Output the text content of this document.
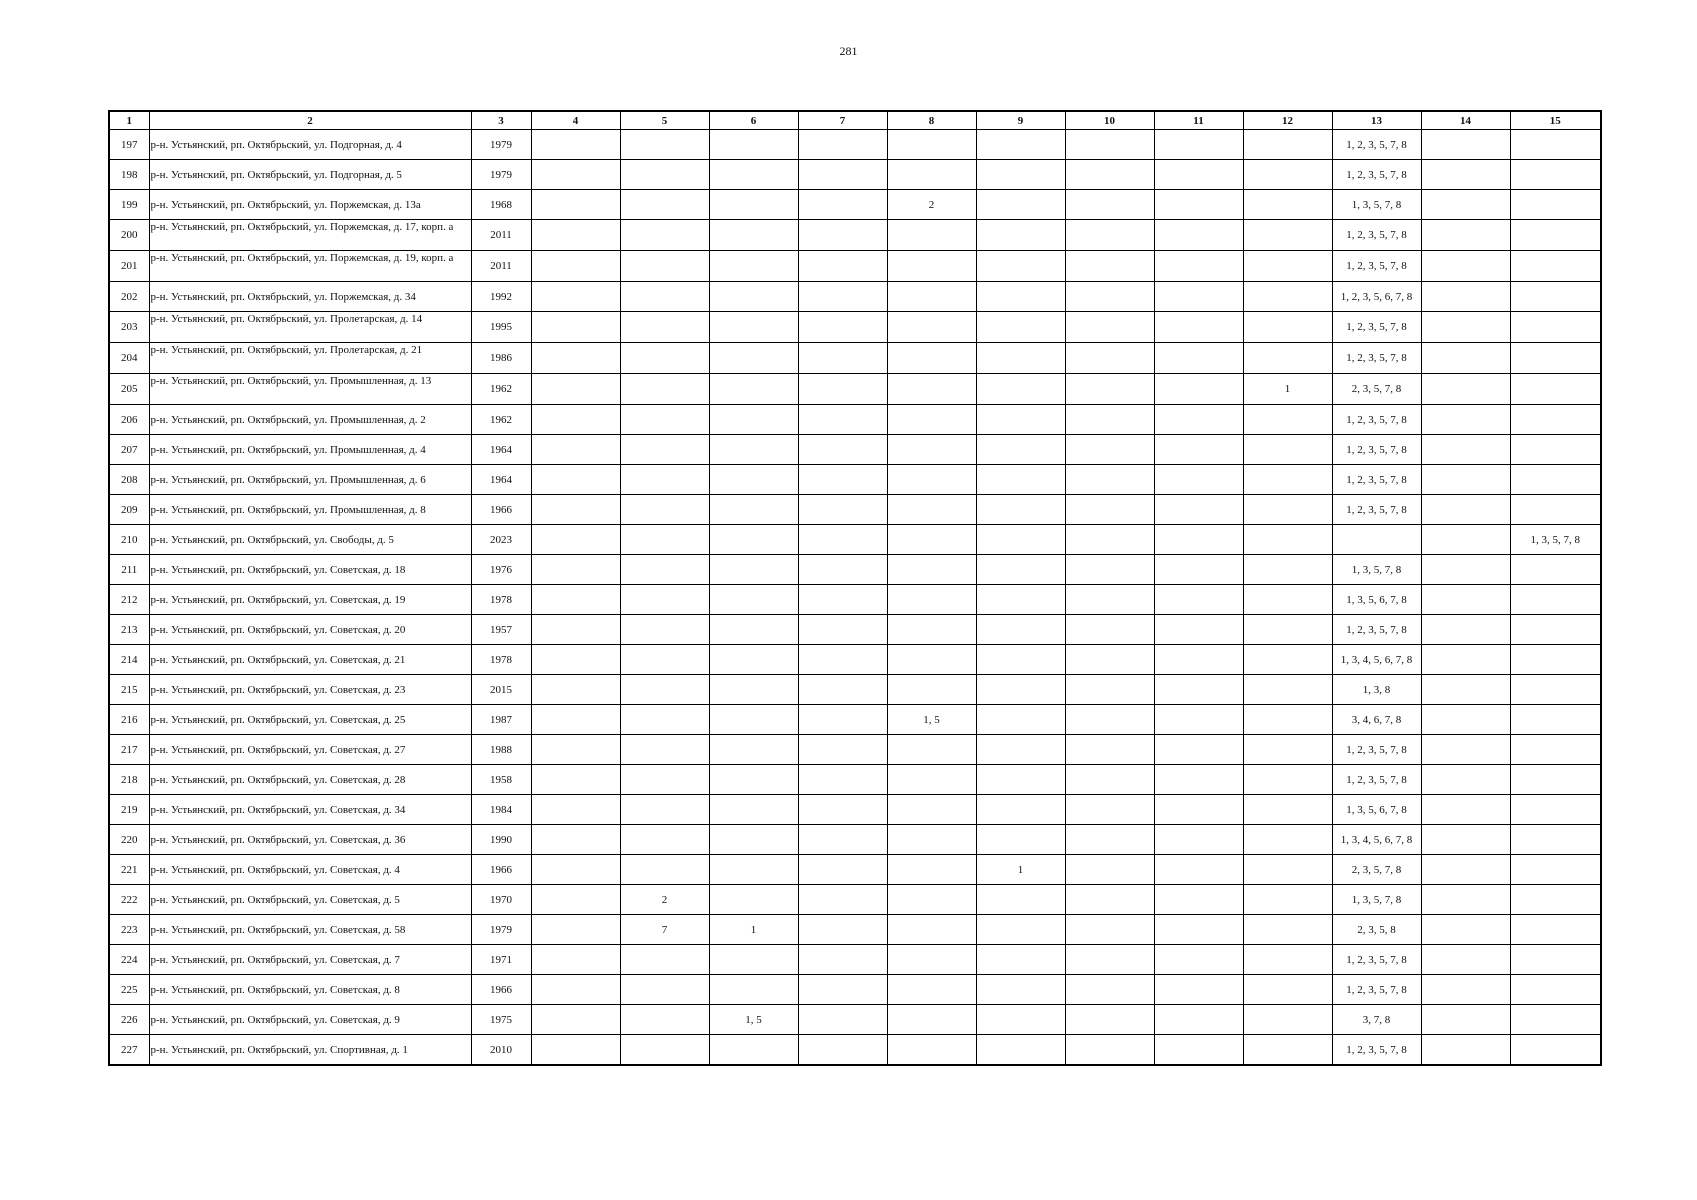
281
1	2	3	4	5	6	7	8	9	10	11	12	13	14	15
197	р-н. Устьянский, рп. Октябрьский, ул. Подгорная, д. 4	1979										1, 2, 3, 5, 7, 8		
198	р-н. Устьянский, рп. Октябрьский, ул. Подгорная, д. 5	1979										1, 2, 3, 5, 7, 8		
199	р-н. Устьянский, рп. Октябрьский, ул. Поржемская, д. 13а	1968					2					1, 3, 5, 7, 8		
200	р-н. Устьянский, рп. Октябрьский, ул. Поржемская, д. 17, корп. а	2011										1, 2, 3, 5, 7, 8		
201	р-н. Устьянский, рп. Октябрьский, ул. Поржемская, д. 19, корп. а	2011										1, 2, 3, 5, 7, 8		
202	р-н. Устьянский, рп. Октябрьский, ул. Поржемская, д. 34	1992										1, 2, 3, 5, 6, 7, 8		
203	р-н. Устьянский, рп. Октябрьский, ул. Пролетарская, д. 14	1995										1, 2, 3, 5, 7, 8		
204	р-н. Устьянский, рп. Октябрьский, ул. Пролетарская, д. 21	1986										1, 2, 3, 5, 7, 8		
205	р-н. Устьянский, рп. Октябрьский, ул. Промышленная, д. 13	1962									1	2, 3, 5, 7, 8		
206	р-н. Устьянский, рп. Октябрьский, ул. Промышленная, д. 2	1962										1, 2, 3, 5, 7, 8		
207	р-н. Устьянский, рп. Октябрьский, ул. Промышленная, д. 4	1964										1, 2, 3, 5, 7, 8		
208	р-н. Устьянский, рп. Октябрьский, ул. Промышленная, д. 6	1964										1, 2, 3, 5, 7, 8		
209	р-н. Устьянский, рп. Октябрьский, ул. Промышленная, д. 8	1966										1, 2, 3, 5, 7, 8		
210	р-н. Устьянский, рп. Октябрьский, ул. Свободы, д. 5	2023												1, 3, 5, 7, 8
211	р-н. Устьянский, рп. Октябрьский, ул. Советская, д. 18	1976										1, 3, 5, 7, 8		
212	р-н. Устьянский, рп. Октябрьский, ул. Советская, д. 19	1978										1, 3, 5, 6, 7, 8		
213	р-н. Устьянский, рп. Октябрьский, ул. Советская, д. 20	1957										1, 2, 3, 5, 7, 8		
214	р-н. Устьянский, рп. Октябрьский, ул. Советская, д. 21	1978										1, 3, 4, 5, 6, 7, 8		
215	р-н. Устьянский, рп. Октябрьский, ул. Советская, д. 23	2015										1, 3, 8		
216	р-н. Устьянский, рп. Октябрьский, ул. Советская, д. 25	1987					1, 5					3, 4, 6, 7, 8		
217	р-н. Устьянский, рп. Октябрьский, ул. Советская, д. 27	1988										1, 2, 3, 5, 7, 8		
218	р-н. Устьянский, рп. Октябрьский, ул. Советская, д. 28	1958										1, 2, 3, 5, 7, 8		
219	р-н. Устьянский, рп. Октябрьский, ул. Советская, д. 34	1984										1, 3, 5, 6, 7, 8		
220	р-н. Устьянский, рп. Октябрьский, ул. Советская, д. 36	1990										1, 3, 4, 5, 6, 7, 8		
221	р-н. Устьянский, рп. Октябрьский, ул. Советская, д. 4	1966						1				2, 3, 5, 7, 8		
222	р-н. Устьянский, рп. Октябрьский, ул. Советская, д. 5	1970		2								1, 3, 5, 7, 8		
223	р-н. Устьянский, рп. Октябрьский, ул. Советская, д. 58	1979		7	1							2, 3, 5, 8		
224	р-н. Устьянский, рп. Октябрьский, ул. Советская, д. 7	1971										1, 2, 3, 5, 7, 8		
225	р-н. Устьянский, рп. Октябрьский, ул. Советская, д. 8	1966										1, 2, 3, 5, 7, 8		
226	р-н. Устьянский, рп. Октябрьский, ул. Советская, д. 9	1975			1, 5							3, 7, 8		
227	р-н. Устьянский, рп. Октябрьский, ул. Спортивная, д. 1	2010										1, 2, 3, 5, 7, 8		
